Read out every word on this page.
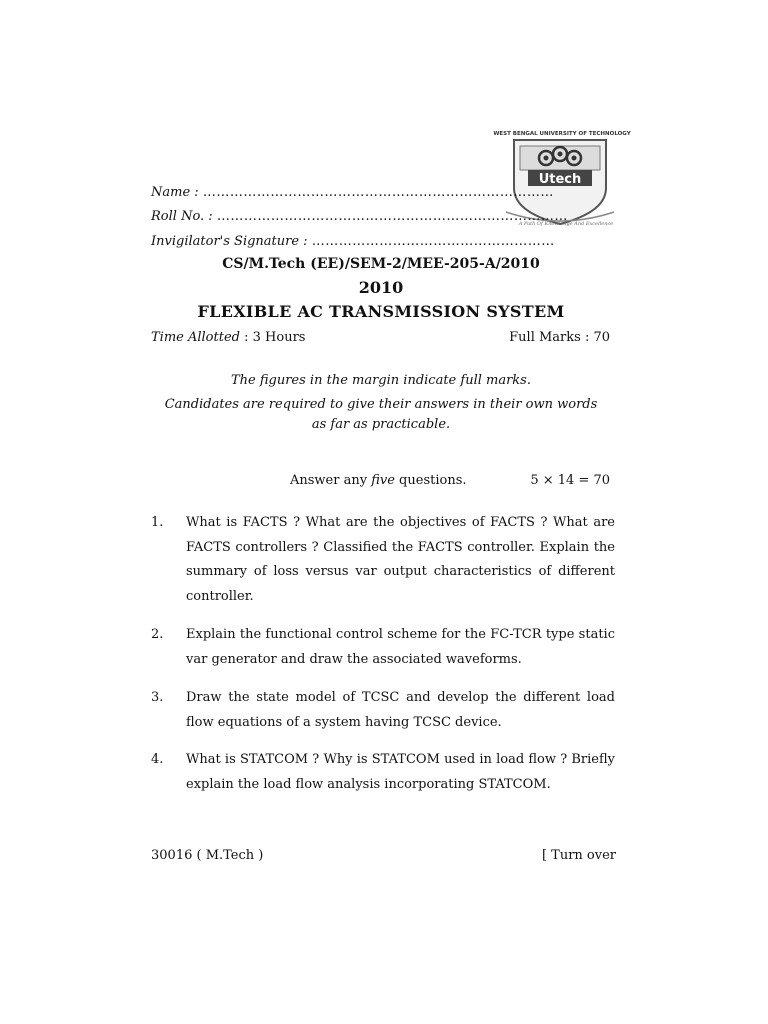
WEST BENGAL UNIVERSITY OF TECHNOLOGY
Utech
A Path Of Knowledge And Excellence
Name : ……………………………………………………………………
Roll No. : ……………………………………………………………………
Invigilator's Signature : ………………………………………………
CS/M.Tech (EE)/SEM-2/MEE-205-A/2010
2010
FLEXIBLE AC TRANSMISSION SYSTEM
Time Allotted : 3 Hours	Full Marks : 70
The figures in the margin indicate full marks.
Candidates are required to give their answers in their own words
as far as practicable.
Answer any five questions.	5 × 14 = 70
1. What is FACTS ? What are the objectives of FACTS ? What are FACTS controllers ? Classified the FACTS controller. Explain the summary of loss versus var output characteristics of different controller.
2. Explain the functional control scheme for the FC-TCR type static var generator and draw the associated waveforms.
3. Draw the state model of TCSC and develop the different load flow equations of a system having TCSC device.
4. What is STATCOM ? Why is STATCOM used in load flow ? Briefly explain the load flow analysis incorporating STATCOM.
30016 ( M.Tech )	[ Turn over
